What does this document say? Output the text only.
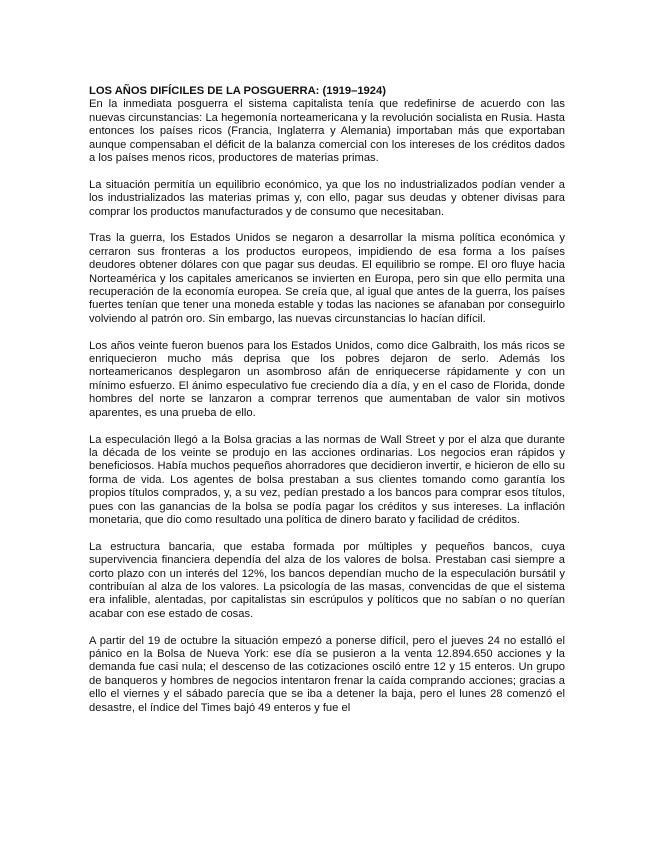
LOS AÑOS DIFÍCILES DE LA POSGUERRA: (1919–1924)

En la inmediata posguerra el sistema capitalista tenía que redefinirse de acuerdo con las nuevas circunstancias: La hegemonía norteamericana y la revolución socialista en Rusia. Hasta entonces los países ricos (Francia, Inglaterra y Alemania) importaban más que exportaban aunque compensaban el déficit de la balanza comercial con los intereses de los créditos dados a los países menos ricos, productores de materias primas.

La situación permitía un equilibrio económico, ya que los no industrializados podían vender a los industrializados las materias primas y, con ello, pagar sus deudas y obtener divisas para comprar los productos manufacturados y de consumo que necesitaban.

Tras la guerra, los Estados Unidos se negaron a desarrollar la misma política económica y cerraron sus fronteras a los productos europeos, impidiendo de esa forma a los países deudores obtener dólares con que pagar sus deudas. El equilibrio se rompe. El oro fluye hacia Norteamérica y los capitales americanos se invierten en Europa, pero sin que ello permita una recuperación de la economía europea. Se creía que, al igual que antes de la guerra, los países fuertes tenían que tener una moneda estable y todas las naciones se afanaban por conseguirlo volviendo al patrón oro. Sin embargo, las nuevas circunstancias lo hacían difícil.

Los años veinte fueron buenos para los Estados Unidos, como dice Galbraith, los más ricos se enriquecieron mucho más deprisa que los pobres dejaron de serlo. Además los norteamericanos desplegaron un asombroso afán de enriquecerse rápidamente y con un mínimo esfuerzo. El ánimo especulativo fue creciendo día a día, y en el caso de Florida, donde hombres del norte se lanzaron a comprar terrenos que aumentaban de valor sin motivos aparentes, es una prueba de ello.

La especulación llegó a la Bolsa gracias a las normas de Wall Street y por el alza que durante la década de los veinte se produjo en las acciones ordinarias. Los negocios eran rápidos y beneficiosos. Había muchos pequeños ahorradores que decidieron invertir, e hicieron de ello su forma de vida. Los agentes de bolsa prestaban a sus clientes tomando como garantía los propios títulos comprados, y, a su vez, pedían prestado a los bancos para comprar esos títulos, pues con las ganancias de la bolsa se podía pagar los créditos y sus intereses. La inflación monetaria, que dio como resultado una política de dinero barato y facilidad de créditos.

La estructura bancaria, que estaba formada por múltiples y pequeños bancos, cuya supervivencia financiera dependía del alza de los valores de bolsa. Prestaban casi siempre a corto plazo con un interés del 12%, los bancos dependían mucho de la especulación bursátil y contribuían al alza de los valores. La psicología de las masas, convencidas de que el sistema era infalible, alentadas, por capitalistas sin escrúpulos y políticos que no sabían o no querían acabar con ese estado de cosas.

A partir del 19 de octubre la situación empezó a ponerse difícil, pero el jueves 24 no estalló el pánico en la Bolsa de Nueva York: ese día se pusieron a la venta 12.894.650 acciones y la demanda fue casi nula; el descenso de las cotizaciones osciló entre 12 y 15 enteros. Un grupo de banqueros y hombres de negocios intentaron frenar la caída comprando acciones; gracias a ello el viernes y el sábado parecía que se iba a detener la baja, pero el lunes 28 comenzó el desastre, el índice del Times bajó 49 enteros y fue el
